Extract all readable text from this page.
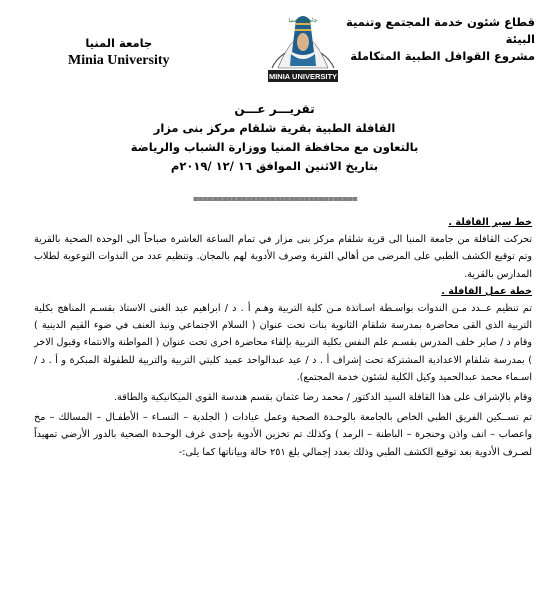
قطاع شئون خدمة المجتمع وتنمية البيئة
مشروع القوافل الطبية المتكاملة
جامعة المنيا
MINIA UNIVERSITY
جامعة المنيا
Minia University
تقريـــر عـــن
القافلة الطبية بقرية شلقام مركز بنى مزار
بالتعاون مع محافظة المنيا ووزارة الشباب والرياضة
بتاريخ الاثنين الموافق ١٦ /١٢ /٢٠١٩م
==================================
خط سير القافلة .

تحركت القافلة من جامعة المنيا الى قرية شلقام مركز بنى مزار في تمام الساعة العاشرة صباحاً الى الوحدة الصحية بالقرية وتم توقيع الكشف الطبي على المرضى من أهالي القرية وصرف الأدوية لهم بالمجان. وتنظيم عدد من الندوات التوعوية لطلاب المدارس بالقرية.

خطة عمل القافلة .

تم تنظيم عــدد مـن الندوات بواسـطة اسـاتذة مـن كلية التربية وهـم أ . د / ابراهيم عبد الغنى الاستاذ بقسـم المناهج بكلية التربية الذى القى محاضرة بمدرسة شلقام الثانوية بنات تحت عنوان ( السلام الاجتماعي ونبذ العنف في ضوء القيم الدينية ) وقام د / صابر خلف المدرس بقسـم علم النفس بكلية التربية بإلقاء محاضرة اخرى تحت عنوان ( المواطنة والانتماء وقبول الاخر ) بمدرسة شلقام الاعدادية المشتركة تحت إشراف أ . د / عيد عبدالواحد عميد كليتي التربية والتربية للطفولة المبكرة و أ . د / اسـماء محمد عبدالحميد وكيل الكلية لشئون خدمة المجتمع).

وقام بالإشراف على هذا القافلة السيد الدكتور / محمد رضا عثمان بقسم هندسة القوى الميكانيكية والطاقة.

تم تســكين الفريق الطبي الخاص بالجامعة بالوحـدة الصحية وعمل عيادات ( الجلدية – النسـاء – الأطفـال – المسالك – مخ واعصاب – انف واذن وحنجرة – الباطنة – الرمد ) وكذلك تم تخزين الأدوية بإحدى غرف الوحـدة الصحية بالدور الأرضي تمهيداً لصـرف الأدوية بعد توقيع الكشف الطبي وذلك بعدد إجمالي بلغ ٢٥١ حالة وبياناتها كما يلى:-
